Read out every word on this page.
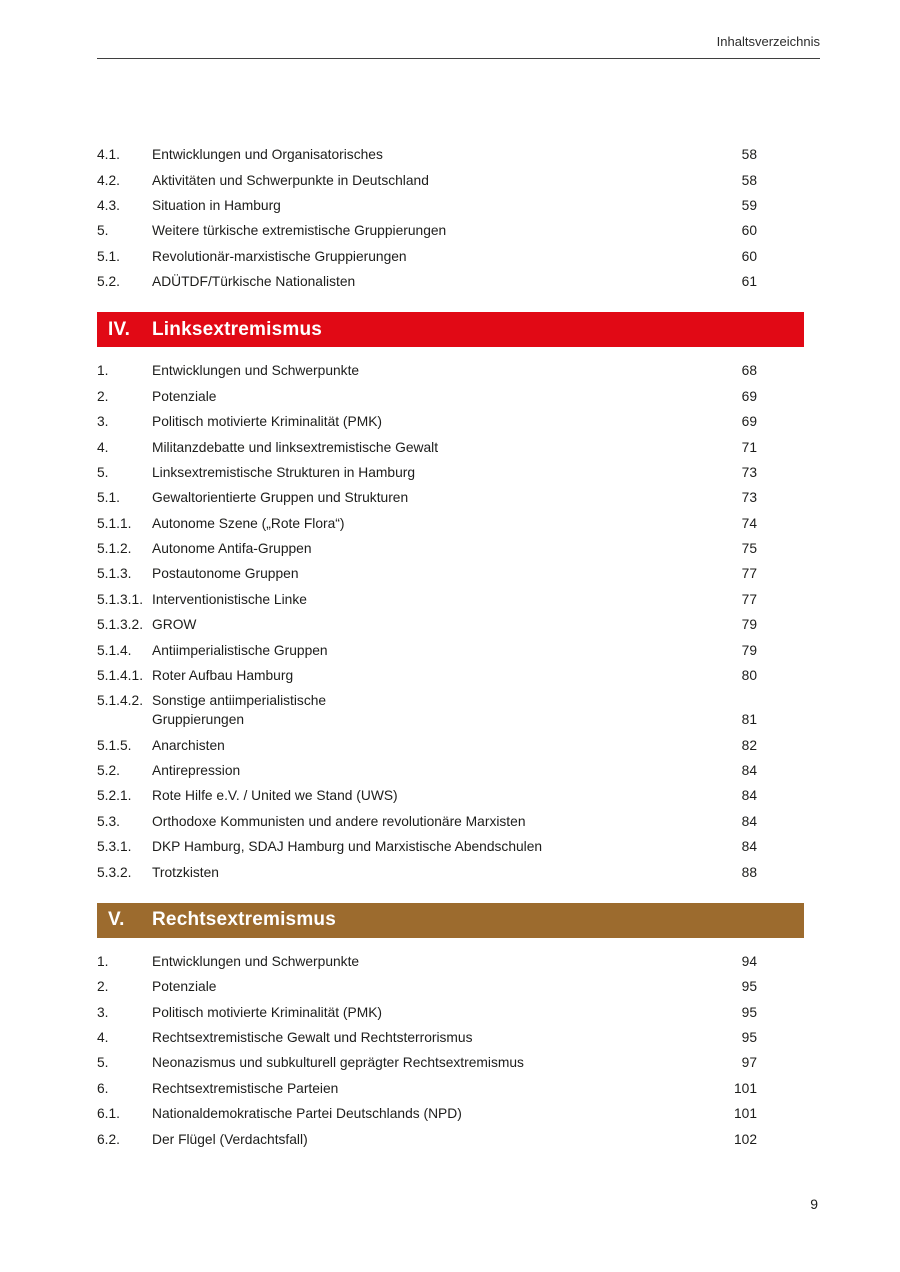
Inhaltsverzeichnis
4.1.	Entwicklungen und Organisatorisches	58
4.2.	Aktivitäten und Schwerpunkte in Deutschland	58
4.3.	Situation in Hamburg	59
5.	Weitere türkische extremistische Gruppierungen	60
5.1.	Revolutionär-marxistische Gruppierungen	60
5.2.	ADÜTDF/Türkische Nationalisten	61
IV.	Linksextremismus
1.	Entwicklungen und Schwerpunkte	68
2.	Potenziale	69
3.	Politisch motivierte Kriminalität (PMK)	69
4.	Militanzdebatte und linksextremistische Gewalt	71
5.	Linksextremistische Strukturen in Hamburg	73
5.1.	Gewaltorientierte Gruppen und Strukturen	73
5.1.1.	Autonome Szene („Rote Flora“)	74
5.1.2.	Autonome Antifa-Gruppen	75
5.1.3.	Postautonome Gruppen	77
5.1.3.1. Interventionistische Linke	77
5.1.3.2. GROW	79
5.1.4.	Antiimperialistische Gruppen	79
5.1.4.1. Roter Aufbau Hamburg	80
5.1.4.2. Sonstige antiimperialistische
Gruppierungen	81
5.1.5.	Anarchisten	82
5.2.	Antirepression	84
5.2.1.	Rote Hilfe e.V. / United we Stand (UWS)	84
5.3.	Orthodoxe Kommunisten und andere revolutionäre Marxisten	84
5.3.1.	DKP Hamburg, SDAJ Hamburg und Marxistische Abendschulen	84
5.3.2.	Trotzkisten	88
V.	Rechtsextremismus
1.	Entwicklungen und Schwerpunkte	94
2.	Potenziale	95
3.	Politisch motivierte Kriminalität (PMK)	95
4.	Rechtsextremistische Gewalt und Rechtsterrorismus	95
5.	Neonazismus und subkulturell geprägter Rechtsextremismus	97
6.	Rechtsextremistische Parteien	101
6.1.	Nationaldemokratische Partei Deutschlands (NPD)	101
6.2.	Der Flügel (Verdachtsfall)	102
9
